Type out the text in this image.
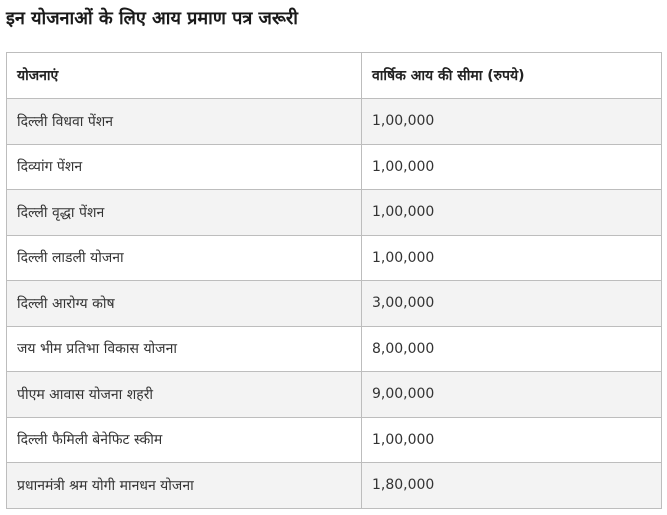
इन योजनाओं के लिए आय प्रमाण पत्र जरूरी
योजनाएं	वार्षिक आय की सीमा (रुपये)
दिल्ली विधवा पेंशन	1,00,000
दिव्यांग पेंशन	1,00,000
दिल्ली वृद्धा पेंशन	1,00,000
दिल्ली लाडली योजना	1,00,000
दिल्ली आरोग्य कोष	3,00,000
जय भीम प्रतिभा विकास योजना	8,00,000
पीएम आवास योजना शहरी	9,00,000
दिल्ली फैमिली बेनेफिट स्कीम	1,00,000
प्रधानमंत्री श्रम योगी मानधन योजना	1,80,000
